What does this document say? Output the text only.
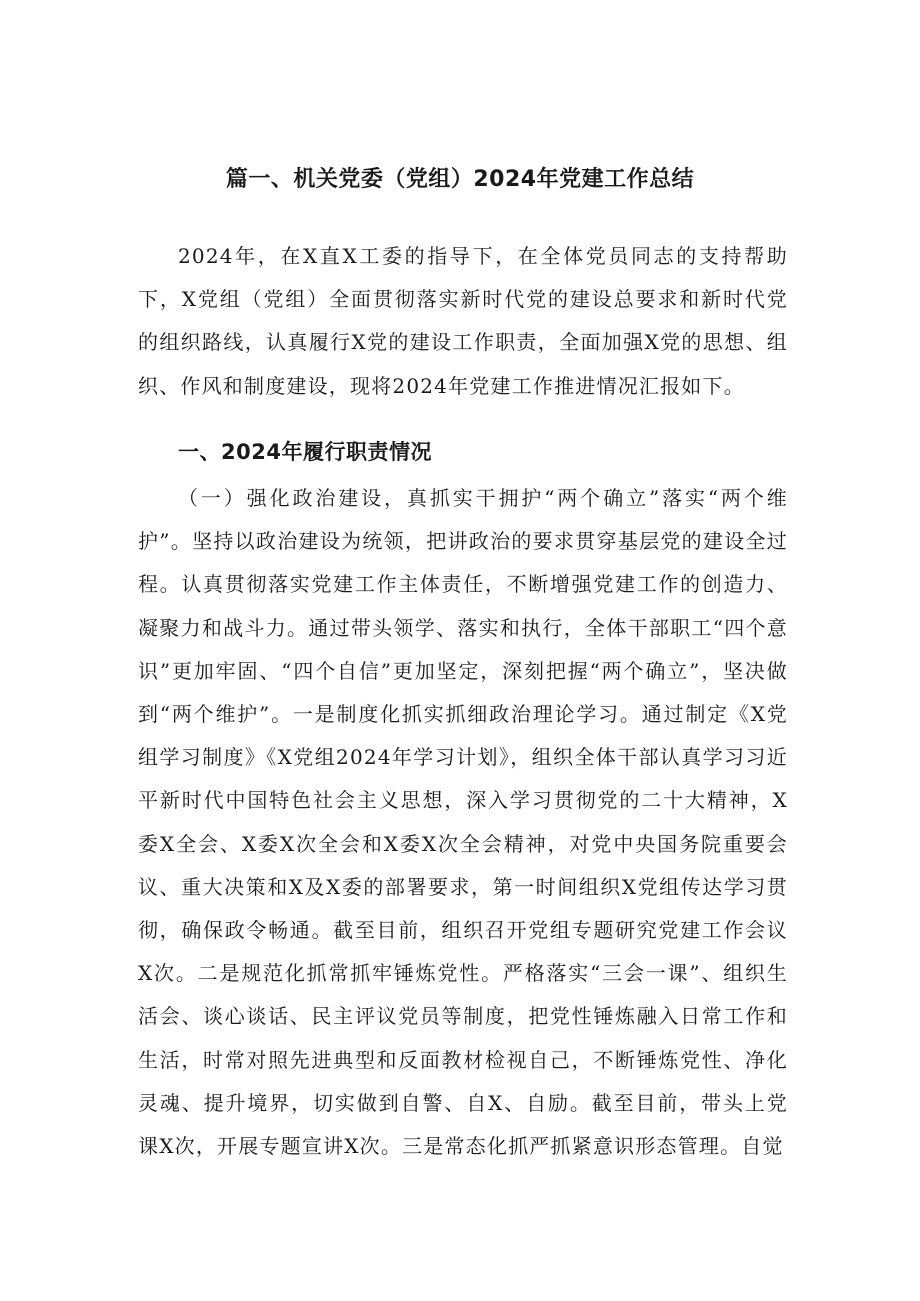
篇一、机关党委（党组）2024年党建工作总结

2024年，在X直X工委的指导下，在全体党员同志的支持帮助下，X党组（党组）全面贯彻落实新时代党的建设总要求和新时代党的组织路线，认真履行X党的建设工作职责，全面加强X党的思想、组织、作风和制度建设，现将2024年党建工作推进情况汇报如下。

一、2024年履行职责情况

（一）强化政治建设，真抓实干拥护“两个确立”落实“两个维护”。坚持以政治建设为统领，把讲政治的要求贯穿基层党的建设全过程。认真贯彻落实党建工作主体责任，不断增强党建工作的创造力、凝聚力和战斗力。通过带头领学、落实和执行，全体干部职工“四个意识”更加牢固、“四个自信”更加坚定，深刻把握“两个确立”，坚决做到“两个维护”。一是制度化抓实抓细政治理论学习。通过制定《X党组学习制度》《X党组2024年学习计划》，组织全体干部认真学习习近平新时代中国特色社会主义思想，深入学习贯彻党的二十大精神，X委X全会、X委X次全会和X委X次全会精神，对党中央国务院重要会议、重大决策和X及X委的部署要求，第一时间组织X党组传达学习贯彻，确保政令畅通。截至目前，组织召开党组专题研究党建工作会议X次。二是规范化抓常抓牢锤炼党性。严格落实“三会一课”、组织生活会、谈心谈话、民主评议党员等制度，把党性锤炼融入日常工作和生活，时常对照先进典型和反面教材检视自己，不断锤炼党性、净化灵魂、提升境界，切实做到自警、自X、自励。截至目前，带头上党课X次，开展专题宣讲X次。三是常态化抓严抓紧意识形态管理。自觉
